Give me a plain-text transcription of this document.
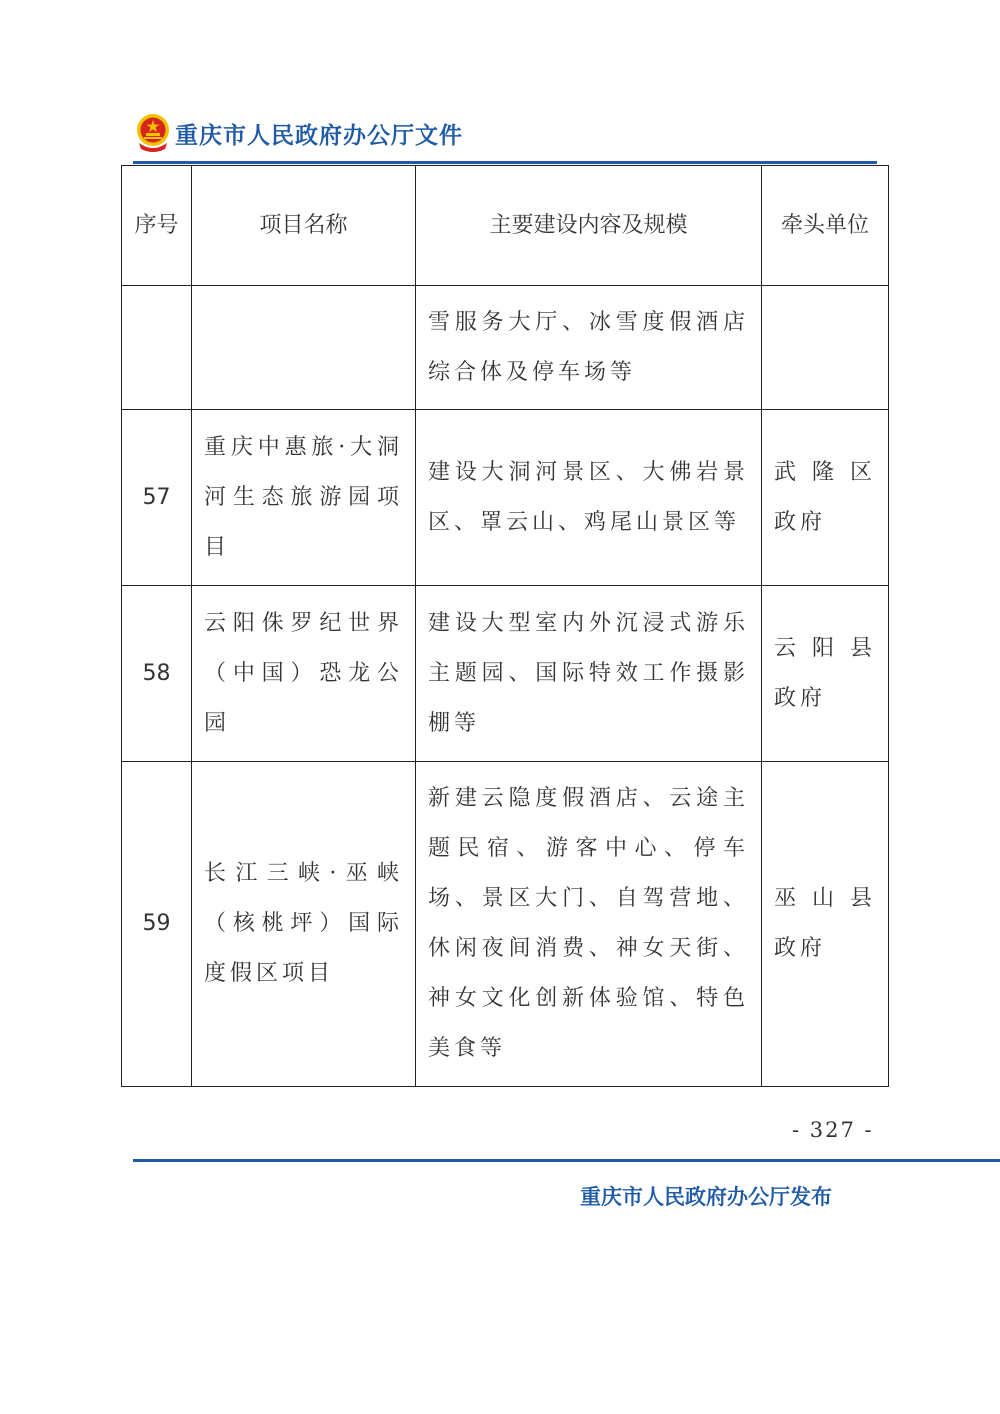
重庆市人民政府办公厅文件
序号	项目名称	主要建设内容及规模	牵头单位
		雪服务大厅、冰雪度假酒店综合体及停车场等	
57	重庆中惠旅·大洞河生态旅游园项目	建设大洞河景区、大佛岩景区、罩云山、鸡尾山景区等	武隆区
政府

58	云阳侏罗纪世界（中国）恐龙公园	建设大型室内外沉浸式游乐主题园、国际特效工作摄影棚等	云阳县
政府

59	长江三峡·巫峡（核桃坪）国际度假区项目	新建云隐度假酒店、云途主题民宿、游客中心、停车场、景区大门、自驾营地、休闲夜间消费、神女天街、神女文化创新体验馆、特色美食等	巫山县
政府
- 327 -
重庆市人民政府办公厅发布
